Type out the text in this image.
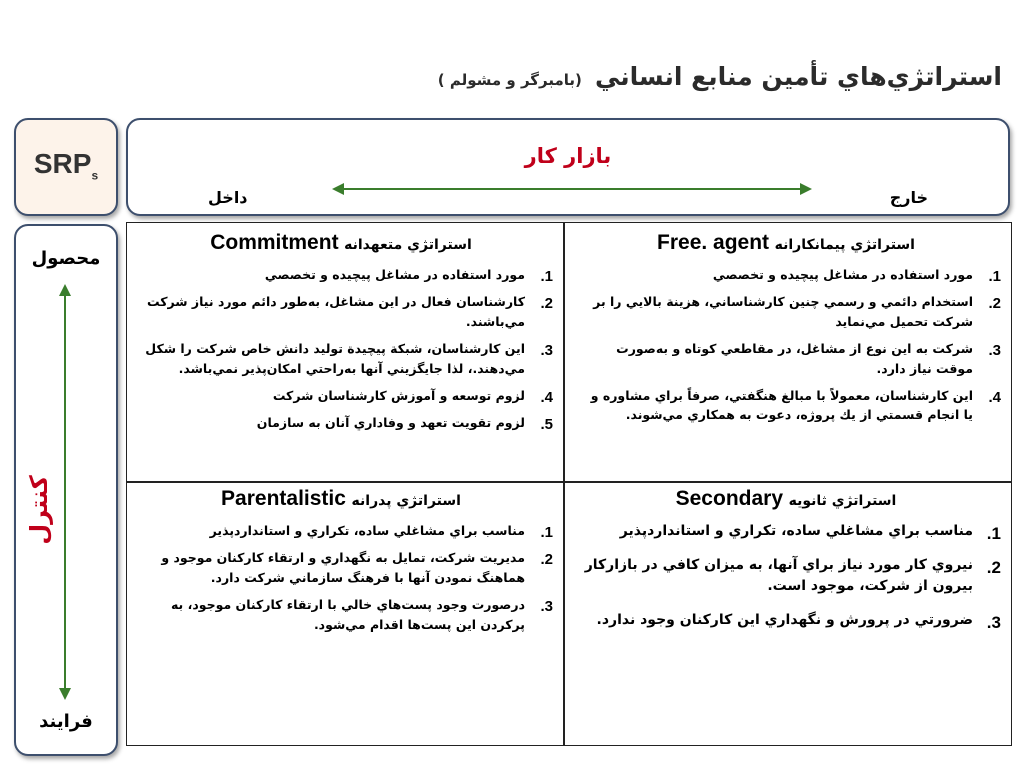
استراتژي‌هاي تأمين منابع انساني (بامبرگر و مشولم )
$SRP_s$
بازار كار
داخل	خارج
محصول
كنترل
فرايند
استراتژي پيمانكارانه Free. agent
1.
مورد استفاده در مشاغل پيچيده و تخصصي
2.
استخدام دائمي و رسمي چنين كارشناساني، هزينة بالايي را بر شركت تحميل مي‌نمايد
3.
شركت به اين نوع از مشاغل، در مقاطعي كوتاه و به‌صورت موقت نياز دارد.
4.
اين كارشناسان، معمولاً با مبالغ هنگفتي، صرفاً براي مشاوره و يا انجام قسمتي از يك پروژه، دعوت به همكاري مي‌شوند.
استراتژي متعهدانه Commitment
1.
مورد استفاده در مشاغل پيچيده و تخصصي
2.
كارشناسان فعال در اين مشاغل، به‌طور دائم مورد نياز شركت مي‌باشند.
3.
اين كارشناسان، شبكة پيچيدة توليد دانش خاص شركت را شكل مي‌دهند.، لذا جايگزيني آنها به‌راحتي امكان‌پذير نمي‌باشد.
4.
لزوم توسعه و آموزش كارشناسان شركت
5.
لزوم تقويت تعهد و وفاداري آنان به سازمان
استراتژي ثانويه Secondary
1.
مناسب براي مشاغلي ساده، تكراري و استانداردپذير
2.
نيروي كار مورد نياز براي آنها، به ميزان كافي در بازاركار بيرون از شركت، موجود است.
3.
ضرورتي در پرورش و نگهداري اين كاركنان وجود ندارد.
استراتژي پدرانه Parentalistic
1.
مناسب براي مشاغلي ساده، تكراري و استانداردپذير
2.
مديريت شركت، تمايل به نگهداري و ارتقاء كاركنان موجود و هماهنگ نمودن آنها با فرهنگ سازماني شركت دارد.
3.
درصورت وجود پست‌هاي خالي با ارتقاء كاركنان موجود، به پركردن اين پست‌ها اقدام مي‌شود.
